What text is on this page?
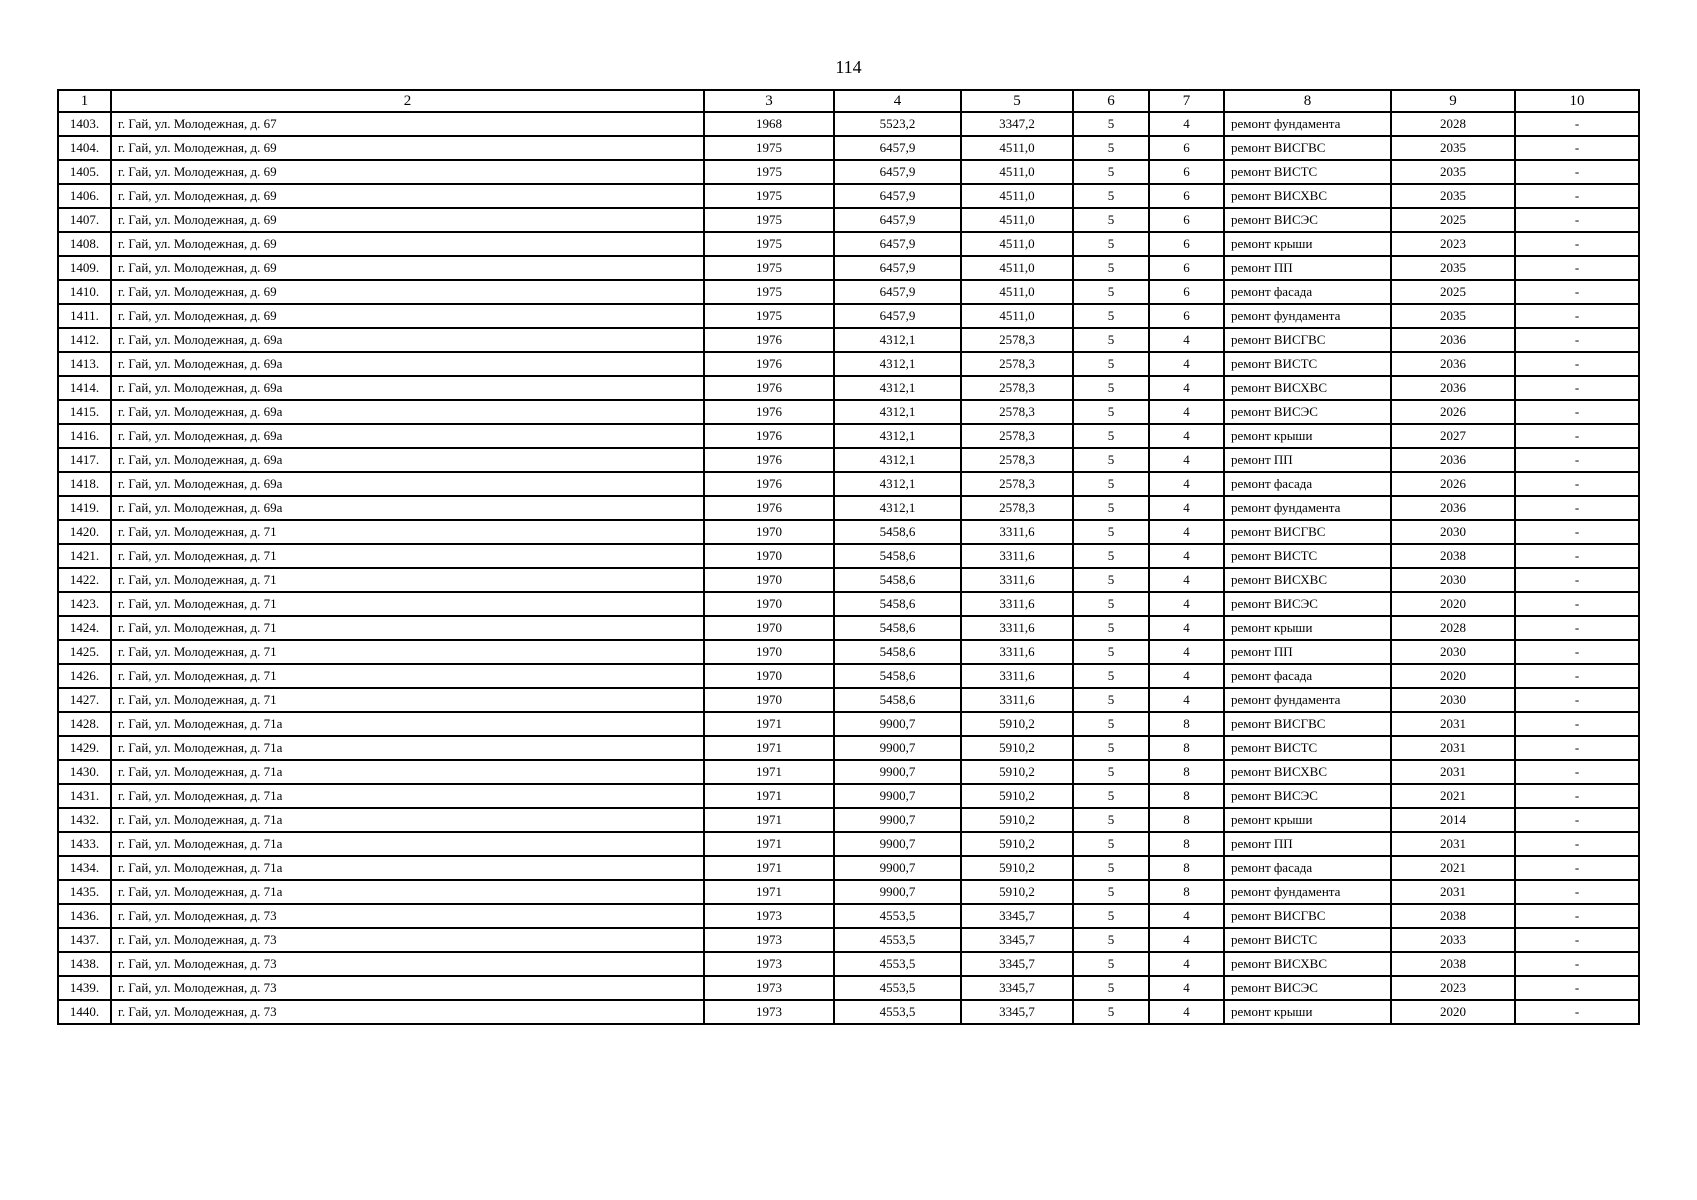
114
1	2	3	4	5	6	7	8	9	10
1403.	г. Гай, ул. Молодежная, д. 67	1968	5523,2	3347,2	5	4	ремонт фундамента	2028	-
1404.	г. Гай, ул. Молодежная, д. 69	1975	6457,9	4511,0	5	6	ремонт ВИСГВС	2035	-
1405.	г. Гай, ул. Молодежная, д. 69	1975	6457,9	4511,0	5	6	ремонт ВИСТС	2035	-
1406.	г. Гай, ул. Молодежная, д. 69	1975	6457,9	4511,0	5	6	ремонт ВИСХВС	2035	-
1407.	г. Гай, ул. Молодежная, д. 69	1975	6457,9	4511,0	5	6	ремонт ВИСЭС	2025	-
1408.	г. Гай, ул. Молодежная, д. 69	1975	6457,9	4511,0	5	6	ремонт крыши	2023	-
1409.	г. Гай, ул. Молодежная, д. 69	1975	6457,9	4511,0	5	6	ремонт ПП	2035	-
1410.	г. Гай, ул. Молодежная, д. 69	1975	6457,9	4511,0	5	6	ремонт фасада	2025	-
1411.	г. Гай, ул. Молодежная, д. 69	1975	6457,9	4511,0	5	6	ремонт фундамента	2035	-
1412.	г. Гай, ул. Молодежная, д. 69а	1976	4312,1	2578,3	5	4	ремонт ВИСГВС	2036	-
1413.	г. Гай, ул. Молодежная, д. 69а	1976	4312,1	2578,3	5	4	ремонт ВИСТС	2036	-
1414.	г. Гай, ул. Молодежная, д. 69а	1976	4312,1	2578,3	5	4	ремонт ВИСХВС	2036	-
1415.	г. Гай, ул. Молодежная, д. 69а	1976	4312,1	2578,3	5	4	ремонт ВИСЭС	2026	-
1416.	г. Гай, ул. Молодежная, д. 69а	1976	4312,1	2578,3	5	4	ремонт крыши	2027	-
1417.	г. Гай, ул. Молодежная, д. 69а	1976	4312,1	2578,3	5	4	ремонт ПП	2036	-
1418.	г. Гай, ул. Молодежная, д. 69а	1976	4312,1	2578,3	5	4	ремонт фасада	2026	-
1419.	г. Гай, ул. Молодежная, д. 69а	1976	4312,1	2578,3	5	4	ремонт фундамента	2036	-
1420.	г. Гай, ул. Молодежная, д. 71	1970	5458,6	3311,6	5	4	ремонт ВИСГВС	2030	-
1421.	г. Гай, ул. Молодежная, д. 71	1970	5458,6	3311,6	5	4	ремонт ВИСТС	2038	-
1422.	г. Гай, ул. Молодежная, д. 71	1970	5458,6	3311,6	5	4	ремонт ВИСХВС	2030	-
1423.	г. Гай, ул. Молодежная, д. 71	1970	5458,6	3311,6	5	4	ремонт ВИСЭС	2020	-
1424.	г. Гай, ул. Молодежная, д. 71	1970	5458,6	3311,6	5	4	ремонт крыши	2028	-
1425.	г. Гай, ул. Молодежная, д. 71	1970	5458,6	3311,6	5	4	ремонт ПП	2030	-
1426.	г. Гай, ул. Молодежная, д. 71	1970	5458,6	3311,6	5	4	ремонт фасада	2020	-
1427.	г. Гай, ул. Молодежная, д. 71	1970	5458,6	3311,6	5	4	ремонт фундамента	2030	-
1428.	г. Гай, ул. Молодежная, д. 71а	1971	9900,7	5910,2	5	8	ремонт ВИСГВС	2031	-
1429.	г. Гай, ул. Молодежная, д. 71а	1971	9900,7	5910,2	5	8	ремонт ВИСТС	2031	-
1430.	г. Гай, ул. Молодежная, д. 71а	1971	9900,7	5910,2	5	8	ремонт ВИСХВС	2031	-
1431.	г. Гай, ул. Молодежная, д. 71а	1971	9900,7	5910,2	5	8	ремонт ВИСЭС	2021	-
1432.	г. Гай, ул. Молодежная, д. 71а	1971	9900,7	5910,2	5	8	ремонт крыши	2014	-
1433.	г. Гай, ул. Молодежная, д. 71а	1971	9900,7	5910,2	5	8	ремонт ПП	2031	-
1434.	г. Гай, ул. Молодежная, д. 71а	1971	9900,7	5910,2	5	8	ремонт фасада	2021	-
1435.	г. Гай, ул. Молодежная, д. 71а	1971	9900,7	5910,2	5	8	ремонт фундамента	2031	-
1436.	г. Гай, ул. Молодежная, д. 73	1973	4553,5	3345,7	5	4	ремонт ВИСГВС	2038	-
1437.	г. Гай, ул. Молодежная, д. 73	1973	4553,5	3345,7	5	4	ремонт ВИСТС	2033	-
1438.	г. Гай, ул. Молодежная, д. 73	1973	4553,5	3345,7	5	4	ремонт ВИСХВС	2038	-
1439.	г. Гай, ул. Молодежная, д. 73	1973	4553,5	3345,7	5	4	ремонт ВИСЭС	2023	-
1440.	г. Гай, ул. Молодежная, д. 73	1973	4553,5	3345,7	5	4	ремонт крыши	2020	-
